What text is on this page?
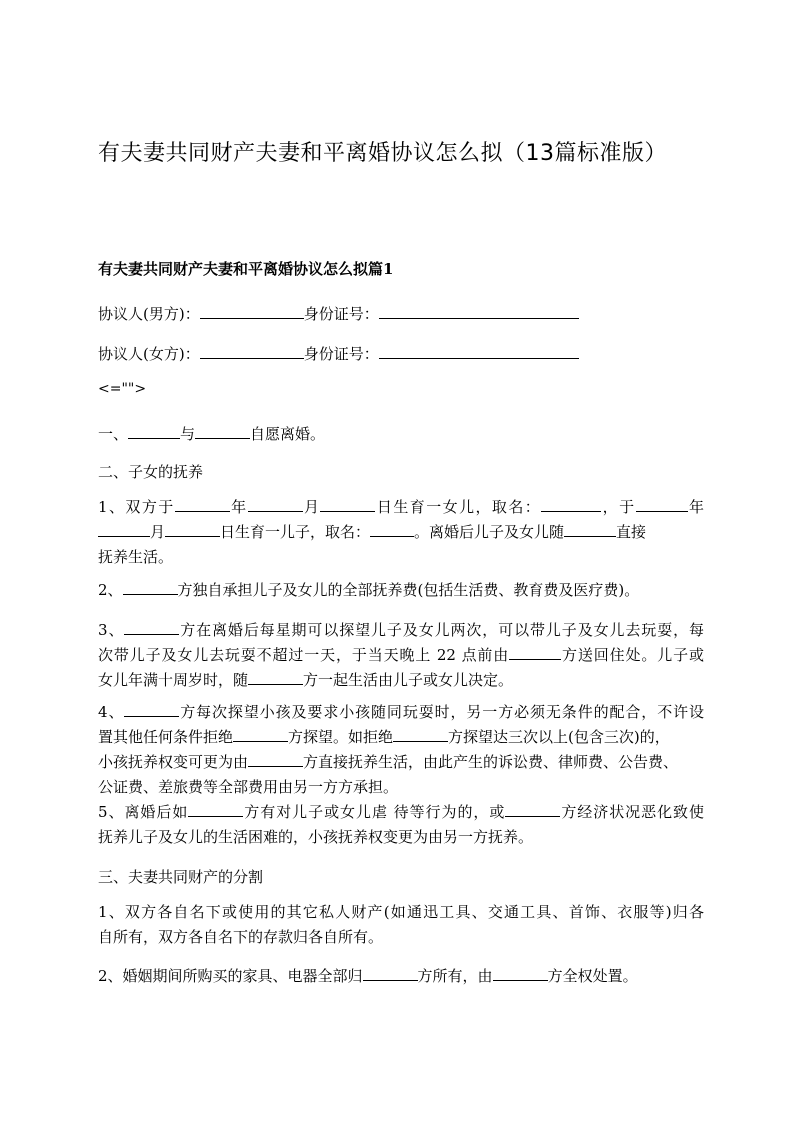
有夫妻共同财产夫妻和平离婚协议怎么拟（13篇标准版）
有夫妻共同财产夫妻和平离婚协议怎么拟篇1
协议人(男方)：	身份证号：
协议人(女方)：	身份证号：
<="">
一、	与	自愿离婚。
二、子女的抚养
1、双方于	年	月	日生育一女儿，取名：	，于	年
月	日生育一儿子，取名：	。离婚后儿子及女儿随	直接
抚养生活。
2、	方独自承担儿子及女儿的全部抚养费(包括生活费、教育费及医疗费)。
3、	方在离婚后每星期可以探望儿子及女儿两次，可以带儿子及女儿去玩耍，每
次带儿子及女儿去玩耍不超过一天，于当天晚上 22 点前由	方送回住处。儿子或
女儿年满十周岁时，随	方一起生活由儿子或女儿决定。
4、	方每次探望小孩及要求小孩随同玩耍时，另一方必须无条件的配合，不许设
置其他任何条件拒绝	方探望。如拒绝	方探望达三次以上(包含三次)的，
小孩抚养权变可更为由	方直接抚养生活，由此产生的诉讼费、律师费、公告费、
公证费、差旅费等全部费用由另一方方承担。
5、离婚后如	方有对儿子或女儿虐 待等行为的，或	方经济状况恶化致使
抚养儿子及女儿的生活困难的，小孩抚养权变更为由另一方抚养。
三、夫妻共同财产的分割
1、双方各自名下或使用的其它私人财产(如通迅工具、交通工具、首饰、衣服等)归各
自所有，双方各自名下的存款归各自所有。
2、婚姻期间所购买的家具、电器全部归	方所有，由	方全权处置。
